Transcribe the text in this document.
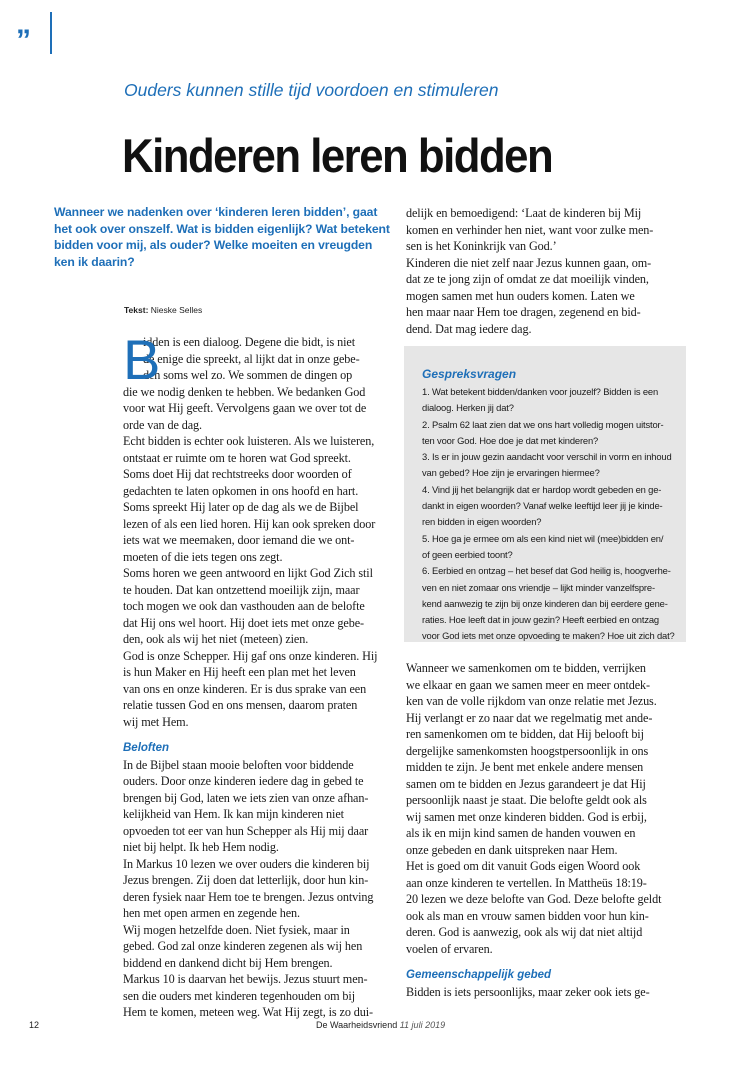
”
Ouders kunnen stille tijd voordoen en stimuleren
Kinderen leren bidden
Wanneer we nadenken over ‘kinderen leren bidden’, gaat
het ook over onszelf. Wat is bidden eigenlijk? Wat betekent
bidden voor mij, als ouder? Welke moeiten en vreugden
ken ik daarin?
Tekst: Nieske Selles
B
idden is een dialoog. Degene die bidt, is niet
de enige die spreekt, al lijkt dat in onze gebe-
den soms wel zo. We sommen de dingen op
die we nodig denken te hebben. We bedanken God
voor wat Hij geeft. Vervolgens gaan we over tot de
orde van de dag.
Echt bidden is echter ook luisteren. Als we luisteren,
ontstaat er ruimte om te horen wat God spreekt.
Soms doet Hij dat rechtstreeks door woorden of
gedachten te laten opkomen in ons hoofd en hart.
Soms spreekt Hij later op de dag als we de Bijbel
lezen of als een lied horen. Hij kan ook spreken door
iets wat we meemaken, door iemand die we ont-
moeten of die iets tegen ons zegt.
Soms horen we geen antwoord en lijkt God Zich stil
te houden. Dat kan ontzettend moeilijk zijn, maar
toch mogen we ook dan vasthouden aan de belofte
dat Hij ons wel hoort. Hij doet iets met onze gebe-
den, ook als wij het niet (meteen) zien.
God is onze Schepper. Hij gaf ons onze kinderen. Hij
is hun Maker en Hij heeft een plan met het leven
van ons en onze kinderen. Er is dus sprake van een
relatie tussen God en ons mensen, daarom praten
wij met Hem.
Beloften
In de Bijbel staan mooie beloften voor biddende
ouders. Door onze kinderen iedere dag in gebed te
brengen bij God, laten we iets zien van onze afhan-
kelijkheid van Hem. Ik kan mijn kinderen niet
opvoeden tot eer van hun Schepper als Hij mij daar
niet bij helpt. Ik heb Hem nodig.
In Markus 10 lezen we over ouders die kinderen bij
Jezus brengen. Zij doen dat letterlijk, door hun kin-
deren fysiek naar Hem toe te brengen. Jezus ontving
hen met open armen en zegende hen.
Wij mogen hetzelfde doen. Niet fysiek, maar in
gebed. God zal onze kinderen zegenen als wij hen
biddend en dankend dicht bij Hem brengen.
Markus 10 is daarvan het bewijs. Jezus stuurt men-
sen die ouders met kinderen tegenhouden om bij
Hem te komen, meteen weg. Wat Hij zegt, is zo dui-
delijk en bemoedigend: ‘Laat de kinderen bij Mij
komen en verhinder hen niet, want voor zulke men-
sen is het Koninkrijk van God.’
Kinderen die niet zelf naar Jezus kunnen gaan, om-
dat ze te jong zijn of omdat ze dat moeilijk vinden,
mogen samen met hun ouders komen. Laten we
hen maar naar Hem toe dragen, zegenend en bid-
dend. Dat mag iedere dag.
Gespreksvragen
1. Wat betekent bidden/danken voor jouzelf? Bidden is een
dialoog. Herken jij dat?
2. Psalm 62 laat zien dat we ons hart volledig mogen uitstor-
ten voor God. Hoe doe je dat met kinderen?
3. Is er in jouw gezin aandacht voor verschil in vorm en inhoud
van gebed? Hoe zijn je ervaringen hiermee?
4. Vind jij het belangrijk dat er hardop wordt gebeden en ge-
dankt in eigen woorden? Vanaf welke leeftijd leer jij je kinde-
ren bidden in eigen woorden?
5. Hoe ga je ermee om als een kind niet wil (mee)bidden en/
of geen eerbied toont?
6. Eerbied en ontzag – het besef dat God heilig is, hoogverhe-
ven en niet zomaar ons vriendje – lijkt minder vanzelfspre-
kend aanwezig te zijn bij onze kinderen dan bij eerdere gene-
raties. Hoe leeft dat in jouw gezin? Heeft eerbied en ontzag
voor God iets met onze opvoeding te maken? Hoe uit zich dat?
Wanneer we samenkomen om te bidden, verrijken
we elkaar en gaan we samen meer en meer ontdek-
ken van de volle rijkdom van onze relatie met Jezus.
Hij verlangt er zo naar dat we regelmatig met ande-
ren samenkomen om te bidden, dat Hij belooft bij
dergelijke samenkomsten hoogstpersoonlijk in ons
midden te zijn. Je bent met enkele andere mensen
samen om te bidden en Jezus garandeert je dat Hij
persoonlijk naast je staat. Die belofte geldt ook als
wij samen met onze kinderen bidden. God is erbij,
als ik en mijn kind samen de handen vouwen en
onze gebeden en dank uitspreken naar Hem.
Het is goed om dit vanuit Gods eigen Woord ook
aan onze kinderen te vertellen. In Mattheüs 18:19-
20 lezen we deze belofte van God. Deze belofte geldt
ook als man en vrouw samen bidden voor hun kin-
deren. God is aanwezig, ook als wij dat niet altijd
voelen of ervaren.
Gemeenschappelijk gebed
Bidden is iets persoonlijks, maar zeker ook iets ge-
12	De Waarheidsvriend 11 juli 2019
